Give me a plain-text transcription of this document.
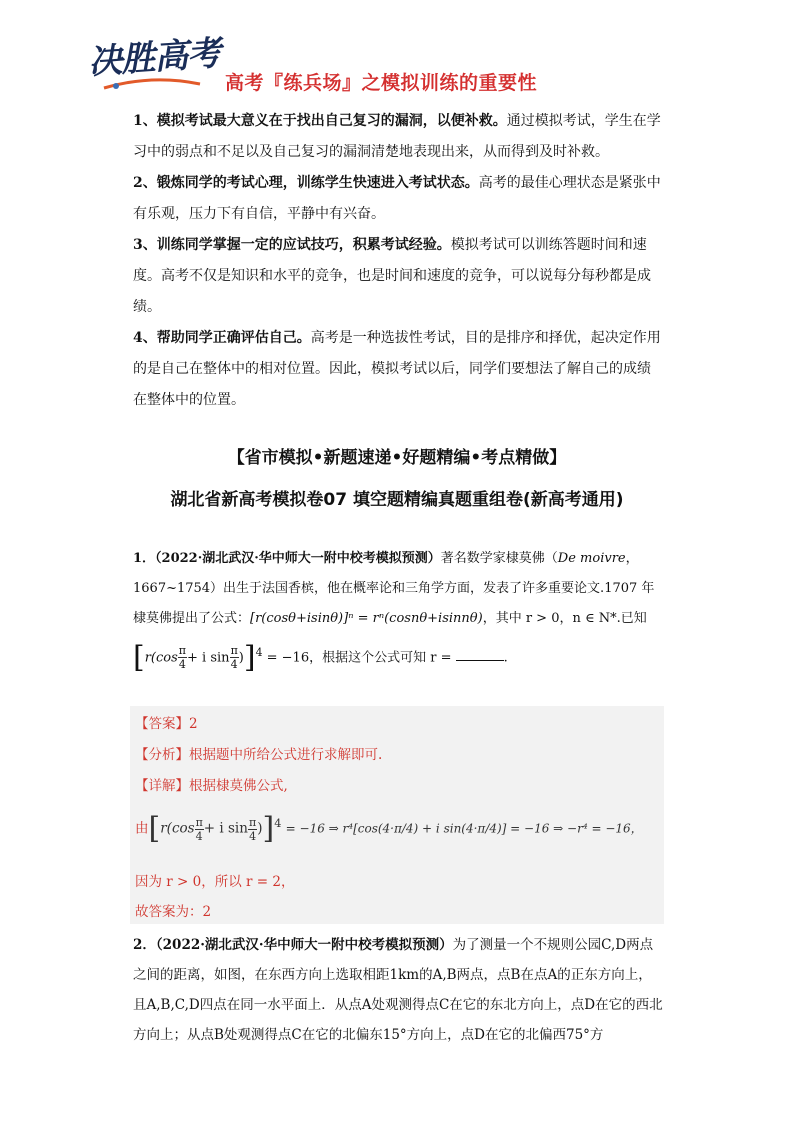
决胜高考
高考『练兵场』之模拟训练的重要性

1、模拟考试最大意义在于找出自己复习的漏洞，以便补救。通过模拟考试，学生在学习中的弱点和不足以及自己复习的漏洞清楚地表现出来，从而得到及时补救。

2、锻炼同学的考试心理，训练学生快速进入考试状态。高考的最佳心理状态是紧张中有乐观，压力下有自信，平静中有兴奋。

3、训练同学掌握一定的应试技巧，积累考试经验。模拟考试可以训练答题时间和速度。高考不仅是知识和水平的竞争，也是时间和速度的竞争，可以说每分每秒都是成绩。

4、帮助同学正确评估自己。高考是一种选拔性考试，目的是排序和择优，起决定作用的是自己在整体中的相对位置。因此，模拟考试以后，同学们要想法了解自己的成绩在整体中的位置。

【省市模拟•新题速递•好题精编•考点精做】
湖北省新高考模拟卷07 填空题精编真题重组卷(新高考通用)
1．（2022·湖北武汉·华中师大一附中校考模拟预测）著名数学家棣莫佛（De moivre，1667~1754）出生于法国香槟，他在概率论和三角学方面，发表了许多重要论文.1707 年棣莫佛提出了公式：[r(cosθ+isinθ)]ⁿ = rⁿ(cosnθ+isinnθ)，其中 r > 0，n ∈ N*.已知
[$r(\cos \frac{\pi}{4} + i$ $\sin \frac{\pi}{4} )]^4 = -16$，根据这个公式可知 r =	.
【答案】2
【分析】根据题中所给公式进行求解即可.
【详解】根据棣莫佛公式,
由[$r(\cos \frac{\pi}{4} + i$ $\sin \frac{\pi}{4} )]^4 = -16$ ⇒ r⁴[cos(4·π/4) + i sin(4·π/4)] = −16 ⇒ −r⁴ = −16，
因为 r > 0，所以 r = 2，
故答案为：2
2．（2022·湖北武汉·华中师大一附中校考模拟预测）为了测量一个不规则公园C,D两点之间的距离，如图，在东西方向上选取相距1km的A,B两点，点B在点A的正东方向上，且A,B,C,D四点在同一水平面上．从点A处观测得点C在它的东北方向上，点D在它的西北方向上；从点B处观测得点C在它的北偏东15°方向上，点D在它的北偏西75°方
